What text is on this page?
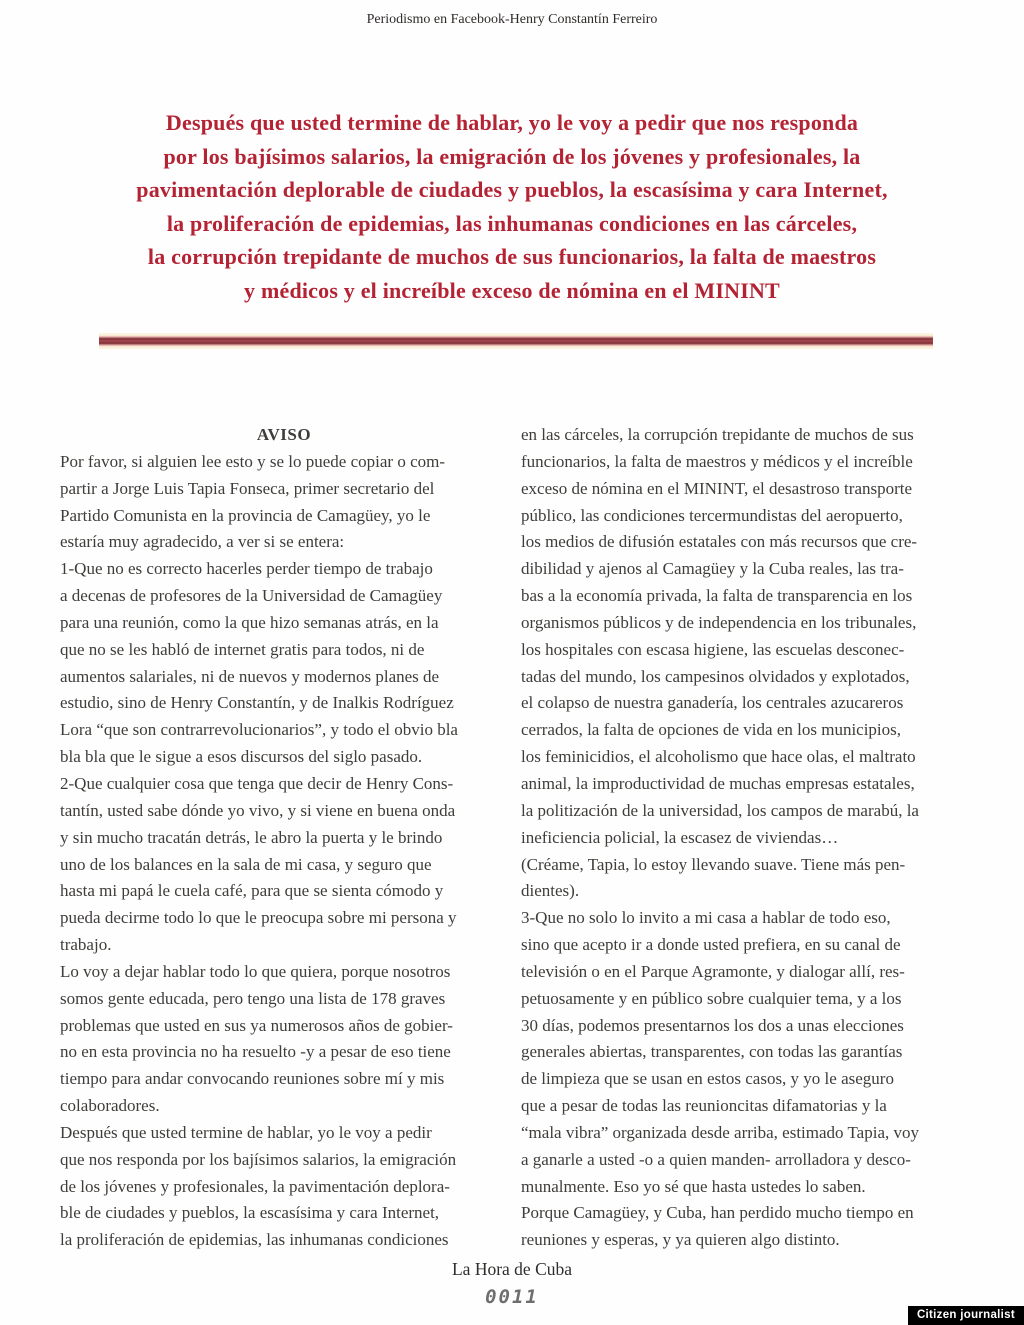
Periodismo en Facebook-Henry Constantín Ferreiro
Después que usted termine de hablar, yo le voy a pedir que nos responda
por los bajísimos salarios, la emigración de los jóvenes y profesionales, la
pavimentación deplorable de ciudades y pueblos, la escasísima y cara Internet,
la proliferación de epidemias, las inhumanas condiciones en las cárceles,
la corrupción trepidante de muchos de sus funcionarios, la falta de maestros
y médicos y el increíble exceso de nómina en el MININT
AVISO
Por favor, si alguien lee esto y se lo puede copiar o com-
partir a Jorge Luis Tapia Fonseca, primer secretario del
Partido Comunista en la provincia de Camagüey, yo le
estaría muy agradecido, a ver si se entera:
1-Que no es correcto hacerles perder tiempo de trabajo
a decenas de profesores de la Universidad de Camagüey
para una reunión, como la que hizo semanas atrás, en la
que no se les habló de internet gratis para todos, ni de
aumentos salariales, ni de nuevos y modernos planes de
estudio, sino de Henry Constantín, y de Inalkis Rodríguez
Lora “que son contrarrevolucionarios”, y todo el obvio bla
bla bla que le sigue a esos discursos del siglo pasado.
2-Que cualquier cosa que tenga que decir de Henry Cons-
tantín, usted sabe dónde yo vivo, y si viene en buena onda
y sin mucho tracatán detrás, le abro la puerta y le brindo
uno de los balances en la sala de mi casa, y seguro que
hasta mi papá le cuela café, para que se sienta cómodo y
pueda decirme todo lo que le preocupa sobre mi persona y
trabajo.
Lo voy a dejar hablar todo lo que quiera, porque nosotros
somos gente educada, pero tengo una lista de 178 graves
problemas que usted en sus ya numerosos años de gobier-
no en esta provincia no ha resuelto -y a pesar de eso tiene
tiempo para andar convocando reuniones sobre mí y mis
colaboradores.
Después que usted termine de hablar, yo le voy a pedir
que nos responda por los bajísimos salarios, la emigración
de los jóvenes y profesionales, la pavimentación deplora-
ble de ciudades y pueblos, la escasísima y cara Internet,
la proliferación de epidemias, las inhumanas condiciones
en las cárceles, la corrupción trepidante de muchos de sus
funcionarios, la falta de maestros y médicos y el increíble
exceso de nómina en el MININT, el desastroso transporte
público, las condiciones tercermundistas del aeropuerto,
los medios de difusión estatales con más recursos que cre-
dibilidad y ajenos al Camagüey y la Cuba reales, las tra-
bas a la economía privada, la falta de transparencia en los
organismos públicos y de independencia en los tribunales,
los hospitales con escasa higiene, las escuelas desconec-
tadas del mundo, los campesinos olvidados y explotados,
el colapso de nuestra ganadería, los centrales azucareros
cerrados, la falta de opciones de vida en los municipios,
los feminicidios, el alcoholismo que hace olas, el maltrato
animal, la improductividad de muchas empresas estatales,
la politización de la universidad, los campos de marabú, la
ineficiencia policial, la escasez de viviendas…
(Créame, Tapia, lo estoy llevando suave. Tiene más pen-
dientes).
3-Que no solo lo invito a mi casa a hablar de todo eso,
sino que acepto ir a donde usted prefiera, en su canal de
televisión o en el Parque Agramonte, y dialogar allí, res-
petuosamente y en público sobre cualquier tema, y a los
30 días, podemos presentarnos los dos a unas elecciones
generales abiertas, transparentes, con todas las garantías
de limpieza que se usan en estos casos, y yo le aseguro
que a pesar de todas las reunioncitas difamatorias y la
“mala vibra” organizada desde arriba, estimado Tapia, voy
a ganarle a usted -o a quien manden- arrolladora y desco-
munalmente. Eso yo sé que hasta ustedes lo saben.
Porque Camagüey, y Cuba, han perdido mucho tiempo en
reuniones y esperas, y ya quieren algo distinto.
La Hora de Cuba
0011
Citizen journalist
